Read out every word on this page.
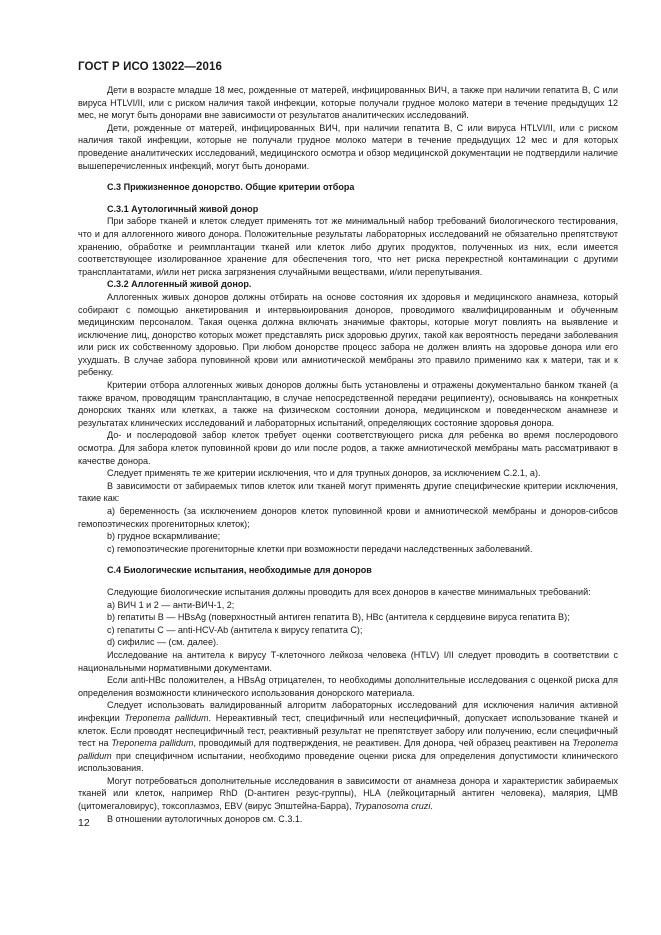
ГОСТ Р ИСО 13022—2016

Дети в возрасте младше 18 мес, рожденные от матерей, инфицированных ВИЧ, а также при наличии гепатита В, С или вируса HTLVI/II, или с риском наличия такой инфекции, которые получали грудное молоко матери в течение предыдущих 12 мес, не могут быть донорами вне зависимости от результатов аналитических исследований.

Дети, рожденные от матерей, инфицированных ВИЧ, при наличии гепатита В, С или вируса HTLVI/II, или с риском наличия такой инфекции, которые не получали грудное молоко матери в течение предыдущих 12 мес и для которых проведение аналитических исследований, медицинского осмотра и обзор медицинской документации не подтвердили наличие вышеперечисленных инфекций, могут быть донорами.

С.3 Прижизненное донорство. Общие критерии отбора

С.3.1 Аутологичный живой донор

При заборе тканей и клеток следует применять тот же минимальный набор требований биологического тестирования, что и для аллогенного живого донора. Положительные результаты лабораторных исследований не обязательно препятствуют хранению, обработке и реимплантации тканей или клеток либо других продуктов, полученных из них, если имеется соответствующее изолированное хранение для обеспечения того, что нет риска перекрестной контаминации с другими трансплантатами, и/или нет риска загрязнения случайными веществами, и/или перепутывания.

С.3.2 Аллогенный живой донор.

Аллогенных живых доноров должны отбирать на основе состояния их здоровья и медицинского анамнеза, который собирают с помощью анкетирования и интервьюирования доноров, проводимого квалифицированным и обученным медицинским персоналом. Такая оценка должна включать значимые факторы, которые могут повлиять на выявление и исключение лиц, донорство которых может представлять риск здоровью других, такой как вероятность передачи заболевания или риск их собственному здоровью. При любом донорстве процесс забора не должен влиять на здоровье донора или его ухудшать. В случае забора пуповинной крови или амниотической мембраны это правило применимо как к матери, так и к ребенку.

Критерии отбора аллогенных живых доноров должны быть установлены и отражены документально банком тканей (а также врачом, проводящим трансплантацию, в случае непосредственной передачи реципиенту), основываясь на конкретных донорских тканях или клетках, а также на физическом состоянии донора, медицинском и поведенческом анамнезе и результатах клинических исследований и лабораторных испытаний, определяющих состояние здоровья донора.

До- и послеродовой забор клеток требует оценки соответствующего риска для ребенка во время послеродового осмотра. Для забора клеток пуповинной крови до или после родов, а также амниотической мембраны мать рассматривают в качестве донора.

Следует применять те же критерии исключения, что и для трупных доноров, за исключением С.2.1, а).

В зависимости от забираемых типов клеток или тканей могут применять другие специфические критерии исключения, такие как:

а) беременность (за исключением доноров клеток пуповинной крови и амниотической мембраны и доноров-сибсов гемопоэтических прогениторных клеток);

b) грудное вскармливание;

с) гемопоэтические прогениторные клетки при возможности передачи наследственных заболеваний.

С.4 Биологические испытания, необходимые для доноров

Следующие биологические испытания должны проводить для всех доноров в качестве минимальных требований:

а) ВИЧ 1 и 2 — анти-ВИЧ-1, 2;

b) гепатиты В — HBsAg (поверхностный антиген гепатита В), HBc (антитела к сердцевине вируса гепатита В);

с) гепатиты С — anti-HCV-Ab (антитела к вирусу гепатита С);

d) сифилис — (см. далее).

Исследование на антитела к вирусу Т-клеточного лейкоза человека (HTLV) I/II следует проводить в соответствии с национальными нормативными документами.

Если anti-HBc положителен, а HBsAg отрицателен, то необходимы дополнительные исследования с оценкой риска для определения возможности клинического использования донорского материала.

Следует использовать валидированный алгоритм лабораторных исследований для исключения наличия активной инфекции Treponema pallidum. Нереактивный тест, специфичный или неспецифичный, допускает использование тканей и клеток. Если проводят неспецифичный тест, реактивный результат не препятствует забору или получению, если специфичный тест на Treponema pallidum, проводимый для подтверждения, не реактивен. Для донора, чей образец реактивен на Treponema pallidum при специфичном испытании, необходимо проведение оценки риска для определения допустимости клинического использования.

Могут потребоваться дополнительные исследования в зависимости от анамнеза донора и характеристик забираемых тканей или клеток, например RhD (D-антиген резус-группы), HLA (лейкоцитарный антиген человека), малярия, ЦМВ (цитомегаловирус), токсоплазмоз, EBV (вирус Эпштейна-Барра), Trypanosoma cruzi.

В отношении аутологичных доноров см. С.3.1.

12
